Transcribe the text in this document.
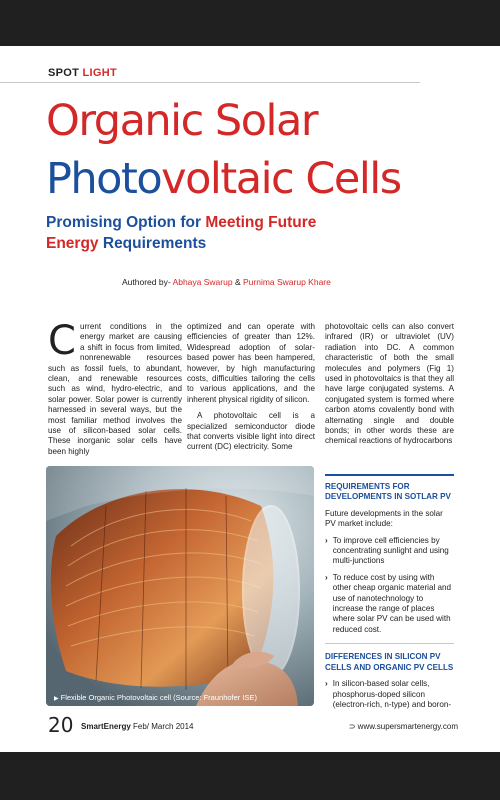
SPOT LIGHT
Organic Solar
Photovoltaic Cells
Promising Option for Meeting Future
Energy Requirements
Authored by- Abhaya Swarup & Purnima Swarup Khare

Current conditions in the energy market are causing a shift in focus from limited, nonrenewable resources such as fossil fuels, to abundant, clean, and renewable resources such as wind, hydro-electric, and solar power. Solar power is currently harnessed in several ways, but the most familiar method involves the use of silicon-based solar cells. These inorganic solar cells have been highly

optimized and can operate with efficiencies of greater than 12%. Widespread adoption of solar-based power has been hampered, however, by high manufacturing costs, difficulties tailoring the cells to various applications, and the inherent physical rigidity of silicon.

A photovoltaic cell is a specialized semiconductor diode that converts visible light into direct current (DC) electricity. Some

photovoltaic cells can also convert infrared (IR) or ultraviolet (UV) radiation into DC. A common characteristic of both the small molecules and polymers (Fig 1) used in photovoltaics is that they all have large conjugated systems. A conjugated system is formed where carbon atoms covalently bond with alternating single and double bonds; in other words these are chemical reactions of hydrocarbons

▶ Flexible Organic Photovoltaic cell (Source: Fraunhofer ISE)
REQUIREMENTS FOR DEVELOPMENTS IN SOTLAR PV

Future developments in the solar PV market include:

› To improve cell efficiencies by concentrating sunlight and using multi-junctions

› To reduce cost by using with other cheap organic material and use of nanotechnology to increase the range of places where solar PV can be used with reduced cost.

DIFFERENCES IN SILICON PV CELLS AND ORGANIC PV CELLS

› In silicon-based solar cells, phosphorus-doped silicon (electron-rich, n-type) and boron-

20 SmartEnergy Feb/ March 2014	⊃ www.supersmartenergy.com
